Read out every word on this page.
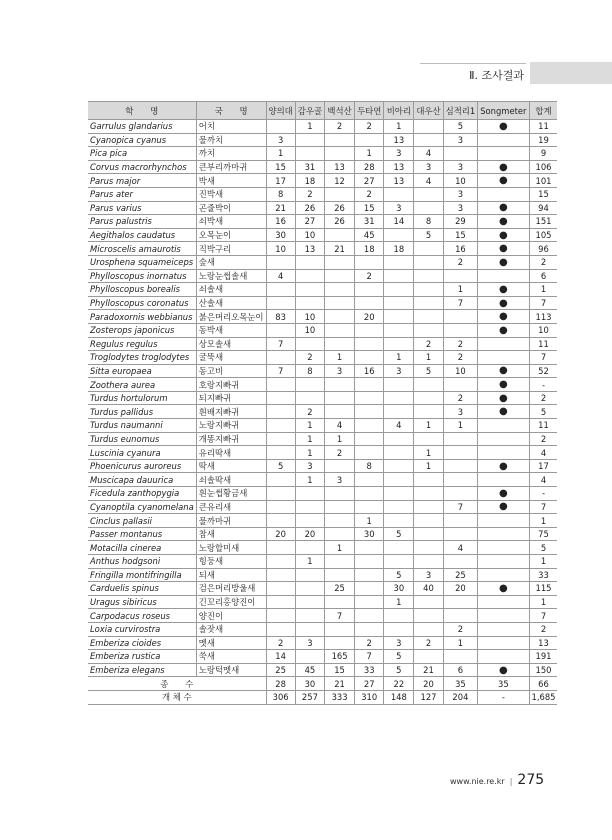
Ⅱ. 조사결과
학　　명	국　　명	양의대	감우골	백석산	두타연	비아리	대우산	심적리1	Songmeter	합계
Garrulus glandarius	어치		1	2	2	1		5	●	11
Cyanopica cyanus	물까치	3				13		3		19
Pica pica	까치	1			1	3	4			9
Corvus macrorhynchos	큰부리까마귀	15	31	13	28	13	3	3	●	106
Parus major	박새	17	18	12	27	13	4	10	●	101
Parus ater	진박새	8	2		2			3		15
Parus varius	곤줄박이	21	26	26	15	3		3	●	94
Parus palustris	쇠박새	16	27	26	31	14	8	29	●	151
Aegithalos caudatus	오목눈이	30	10		45		5	15	●	105
Microscelis amaurotis	직박구리	10	13	21	18	18		16	●	96
Urosphena squameiceps	숲새							2	●	2
Phylloscopus inornatus	노랑눈썹솔새	4			2					6
Phylloscopus borealis	쇠솔새							1	●	1
Phylloscopus coronatus	산솔새							7	●	7
Paradoxornis webbianus	붉은머리오목눈이	83	10		20				●	113
Zosterops japonicus	동박새		10						●	10
Regulus regulus	상모솔새	7					2	2		11
Troglodytes troglodytes	굴뚝새		2	1		1	1	2		7
Sitta europaea	동고비	7	8	3	16	3	5	10	●	52
Zoothera aurea	호랑지빠귀								●	-
Turdus hortulorum	되지빠귀							2	●	2
Turdus pallidus	흰배지빠귀		2					3	●	5
Turdus naumanni	노랑지빠귀		1	4		4	1	1		11
Turdus eunomus	개똥지빠귀		1	1						2
Luscinia cyanura	유리딱새		1	2			1			4
Phoenicurus auroreus	딱새	5	3		8		1		●	17
Muscicapa dauurica	쇠솔딱새		1	3						4
Ficedula zanthopygia	흰눈썹황금새								●	-
Cyanoptila cyanomelana	큰유리새							7	●	7
Cinclus pallasii	물까마귀				1					1
Passer montanus	참새	20	20		30	5				75
Motacilla cinerea	노랑할미새			1				4		5
Anthus hodgsoni	힝둥새		1							1
Fringilla montifringilla	되새					5	3	25		33
Carduelis spinus	검은머리방울새			25		30	40	20	●	115
Uragus sibiricus	긴꼬리홍양진이					1				1
Carpodacus roseus	양진이			7						7
Loxia curvirostra	솔잣새							2		2
Emberiza cioides	멧새	2	3		2	3	2	1		13
Emberiza rustica	쑥새	14		165	7	5				191
Emberiza elegans	노랑턱멧새	25	45	15	33	5	21	6	●	150
종　　수		28	30	21	27	22	20	35	35	66
개 체 수		306	257	333	310	148	127	204	-	1,685
www.nie.re.kr | 275
